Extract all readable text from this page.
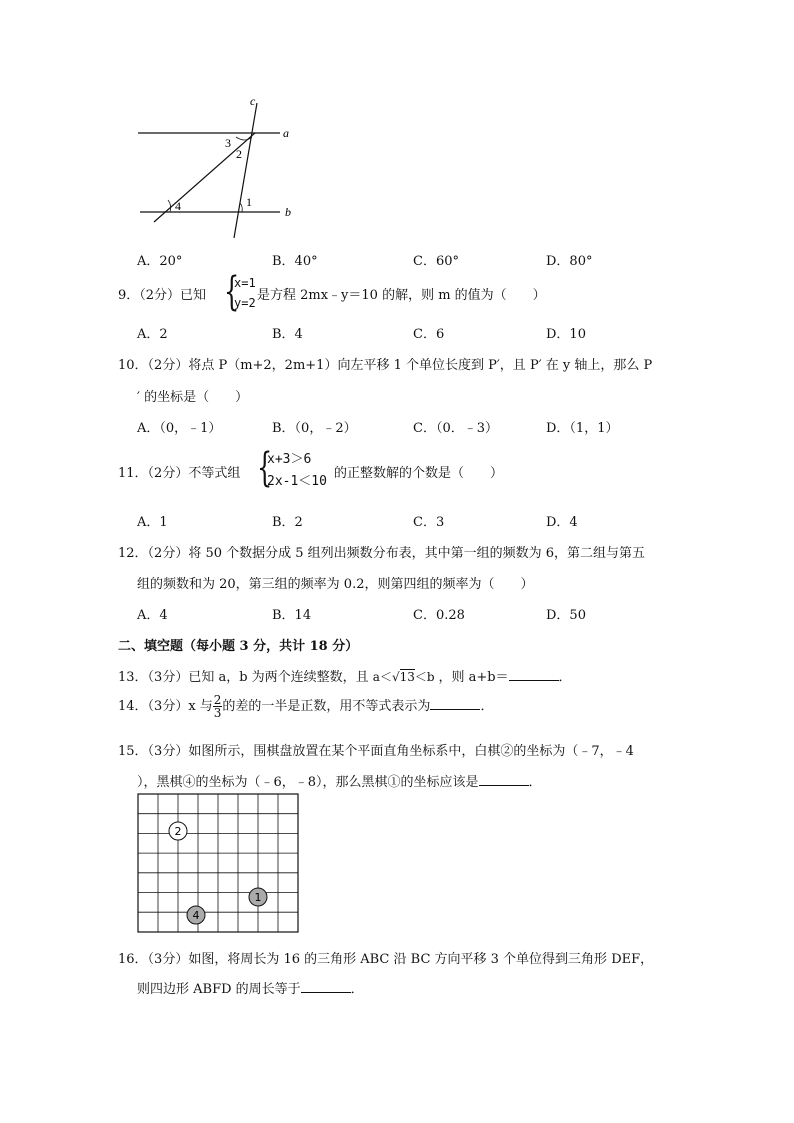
c
a
b
3
2
4	1
A．20°	B．40°	C．60°	D．80°
9．（2分）已知 {
x=1
y=2 是方程 2mx﹣y＝10 的解，则 m 的值为（　　）
A．2	B．4	C．6	D．10
10．（2分）将点 P（m+2，2m+1）向左平移 1 个单位长度到 P′，且 P′ 在 y 轴上，那么 P
′ 的坐标是（　　）
A．（0，﹣1）	B．（0，﹣2）	C．（0．﹣3）	D．（1，1）
11．（2分）不等式组 {
x+3＞6
2x-1＜10
的正整数解的个数是（　　）
A．1	B．2	C．3	D．4
12．（2分）将 50 个数据分成 5 组列出频数分布表，其中第一组的频数为 6，第二组与第五
组的频数和为 20，第三组的频率为 0.2，则第四组的频率为（　　）
A．4	B．14	C．0.28	D．50
二、填空题（每小题 3 分，共计 18 分）
13．（3分）已知 a，b 为两个连续整数，且 a＜√13＜b ，则 a+b＝	．
14．（3分）x 与 $\frac{2}{3}$ 的差的一半是正数，用不等式表示为	．
15．（3分）如图所示，围棋盘放置在某个平面直角坐标系中，白棋②的坐标为（﹣7，﹣4
），黑棋④的坐标为（﹣6，﹣8），那么黑棋①的坐标应该是	．
2
1
4
16．（3分）如图，将周长为 16 的三角形 ABC 沿 BC 方向平移 3 个单位得到三角形 DEF，
则四边形 ABFD 的周长等于	．
